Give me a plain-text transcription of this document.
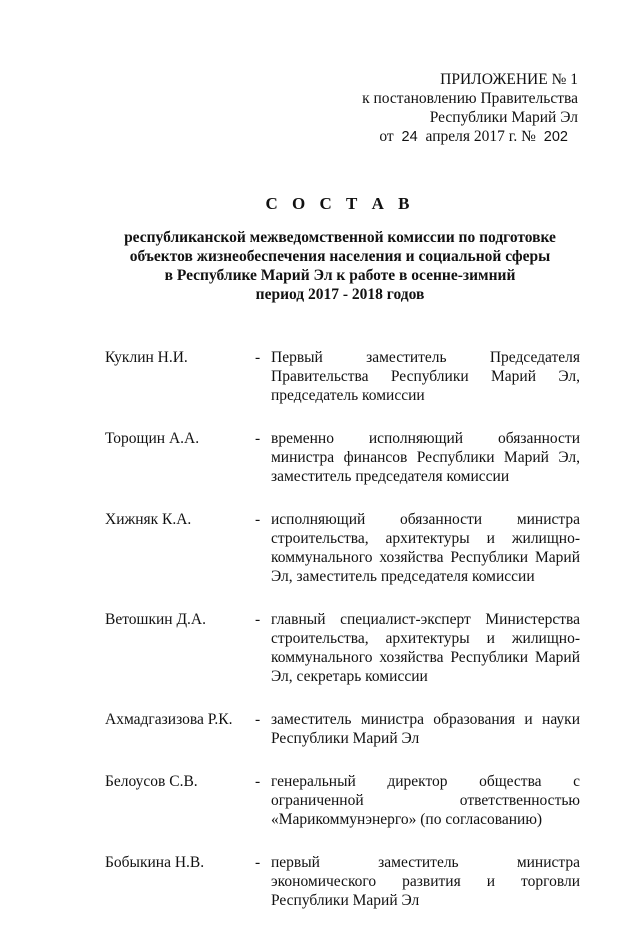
ПРИЛОЖЕНИЕ № 1
к постановлению Правительства
Республики Марий Эл
от 24 апреля 2017 г. № 202
С О С Т А В
республиканской межведомственной комиссии по подготовке
объектов жизнеобеспечения населения и социальной сферы
в Республике Марий Эл к работе в осенне-зимний
период 2017 - 2018 годов
Куклин Н.И.	- Первый заместитель Председателя Правительства Республики Марий Эл, председатель комиссии
Торощин А.А.	- временно исполняющий обязанности министра финансов Республики Марий Эл, заместитель председателя комиссии
Хижняк К.А.	- исполняющий обязанности министра строительства, архитектуры и жилищно-коммунального хозяйства Республики Марий Эл, заместитель председателя комиссии
Ветошкин Д.А.	- главный специалист-эксперт Министерства строительства, архитектуры и жилищно-коммунального хозяйства Республики Марий Эл, секретарь комиссии
Ахмадгазизова Р.К.	- заместитель министра образования и науки Республики Марий Эл
Белоусов С.В.	- генеральный директор общества с ограниченной ответственностью «Марикоммунэнерго» (по согласованию)
Бобыкина Н.В.	- первый заместитель министра экономического развития и торговли Республики Марий Эл
